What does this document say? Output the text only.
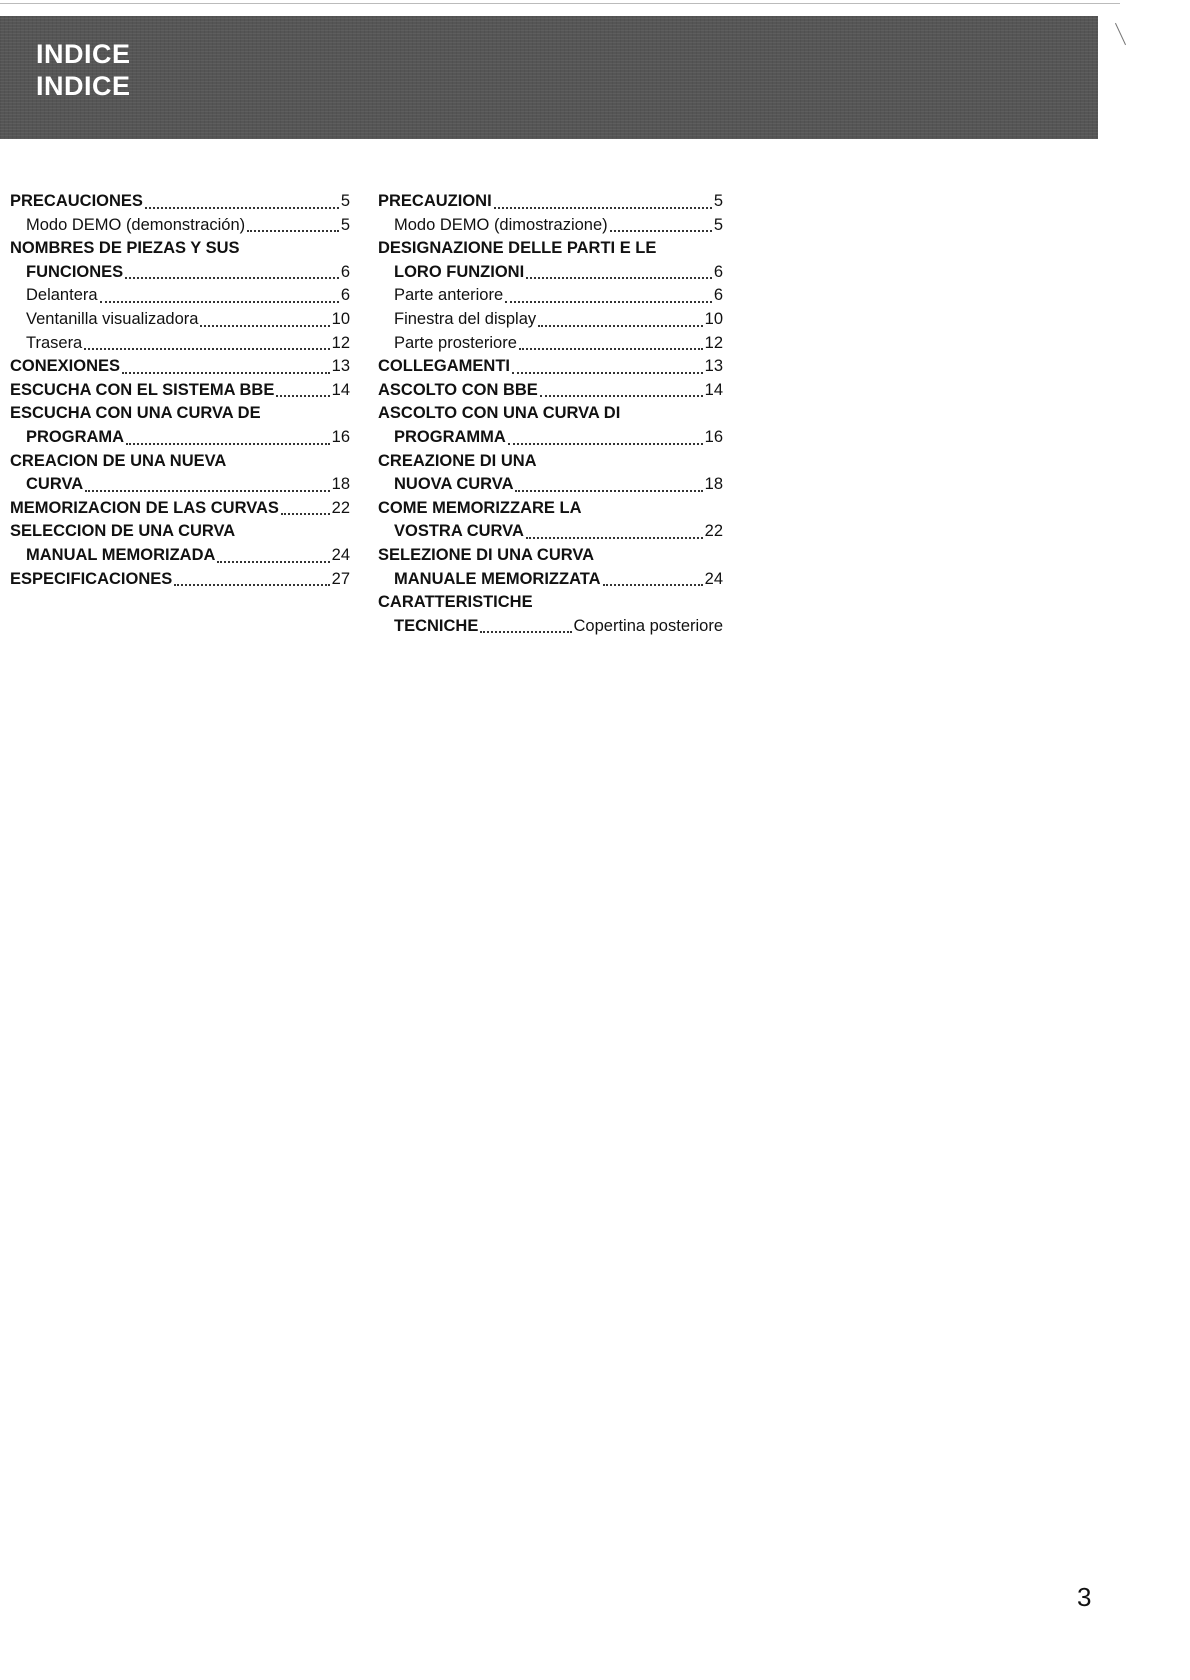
INDICE
INDICE
PRECAUCIONES	5
Modo DEMO (demonstración)	5
NOMBRES DE PIEZAS Y SUS
FUNCIONES	6
Delantera	6
Ventanilla visualizadora	10
Trasera	12
CONEXIONES	13
ESCUCHA CON EL SISTEMA BBE	14
ESCUCHA CON UNA CURVA DE
PROGRAMA	16
CREACION DE UNA NUEVA
CURVA	18
MEMORIZACION DE LAS CURVAS	22
SELECCION DE UNA CURVA
MANUAL MEMORIZADA	24
ESPECIFICACIONES	27
PRECAUZIONI	5
Modo DEMO (dimostrazione)	5
DESIGNAZIONE DELLE PARTI E LE
LORO FUNZIONI	6
Parte anteriore	6
Finestra del display	10
Parte prosteriore	12
COLLEGAMENTI	13
ASCOLTO CON BBE	14
ASCOLTO CON UNA CURVA DI
PROGRAMMA	16
CREAZIONE DI UNA
NUOVA CURVA	18
COME MEMORIZZARE LA
VOSTRA CURVA	22
SELEZIONE DI UNA CURVA
MANUALE MEMORIZZATA	24
CARATTERISTICHE
TECNICHE	Copertina posteriore
3
